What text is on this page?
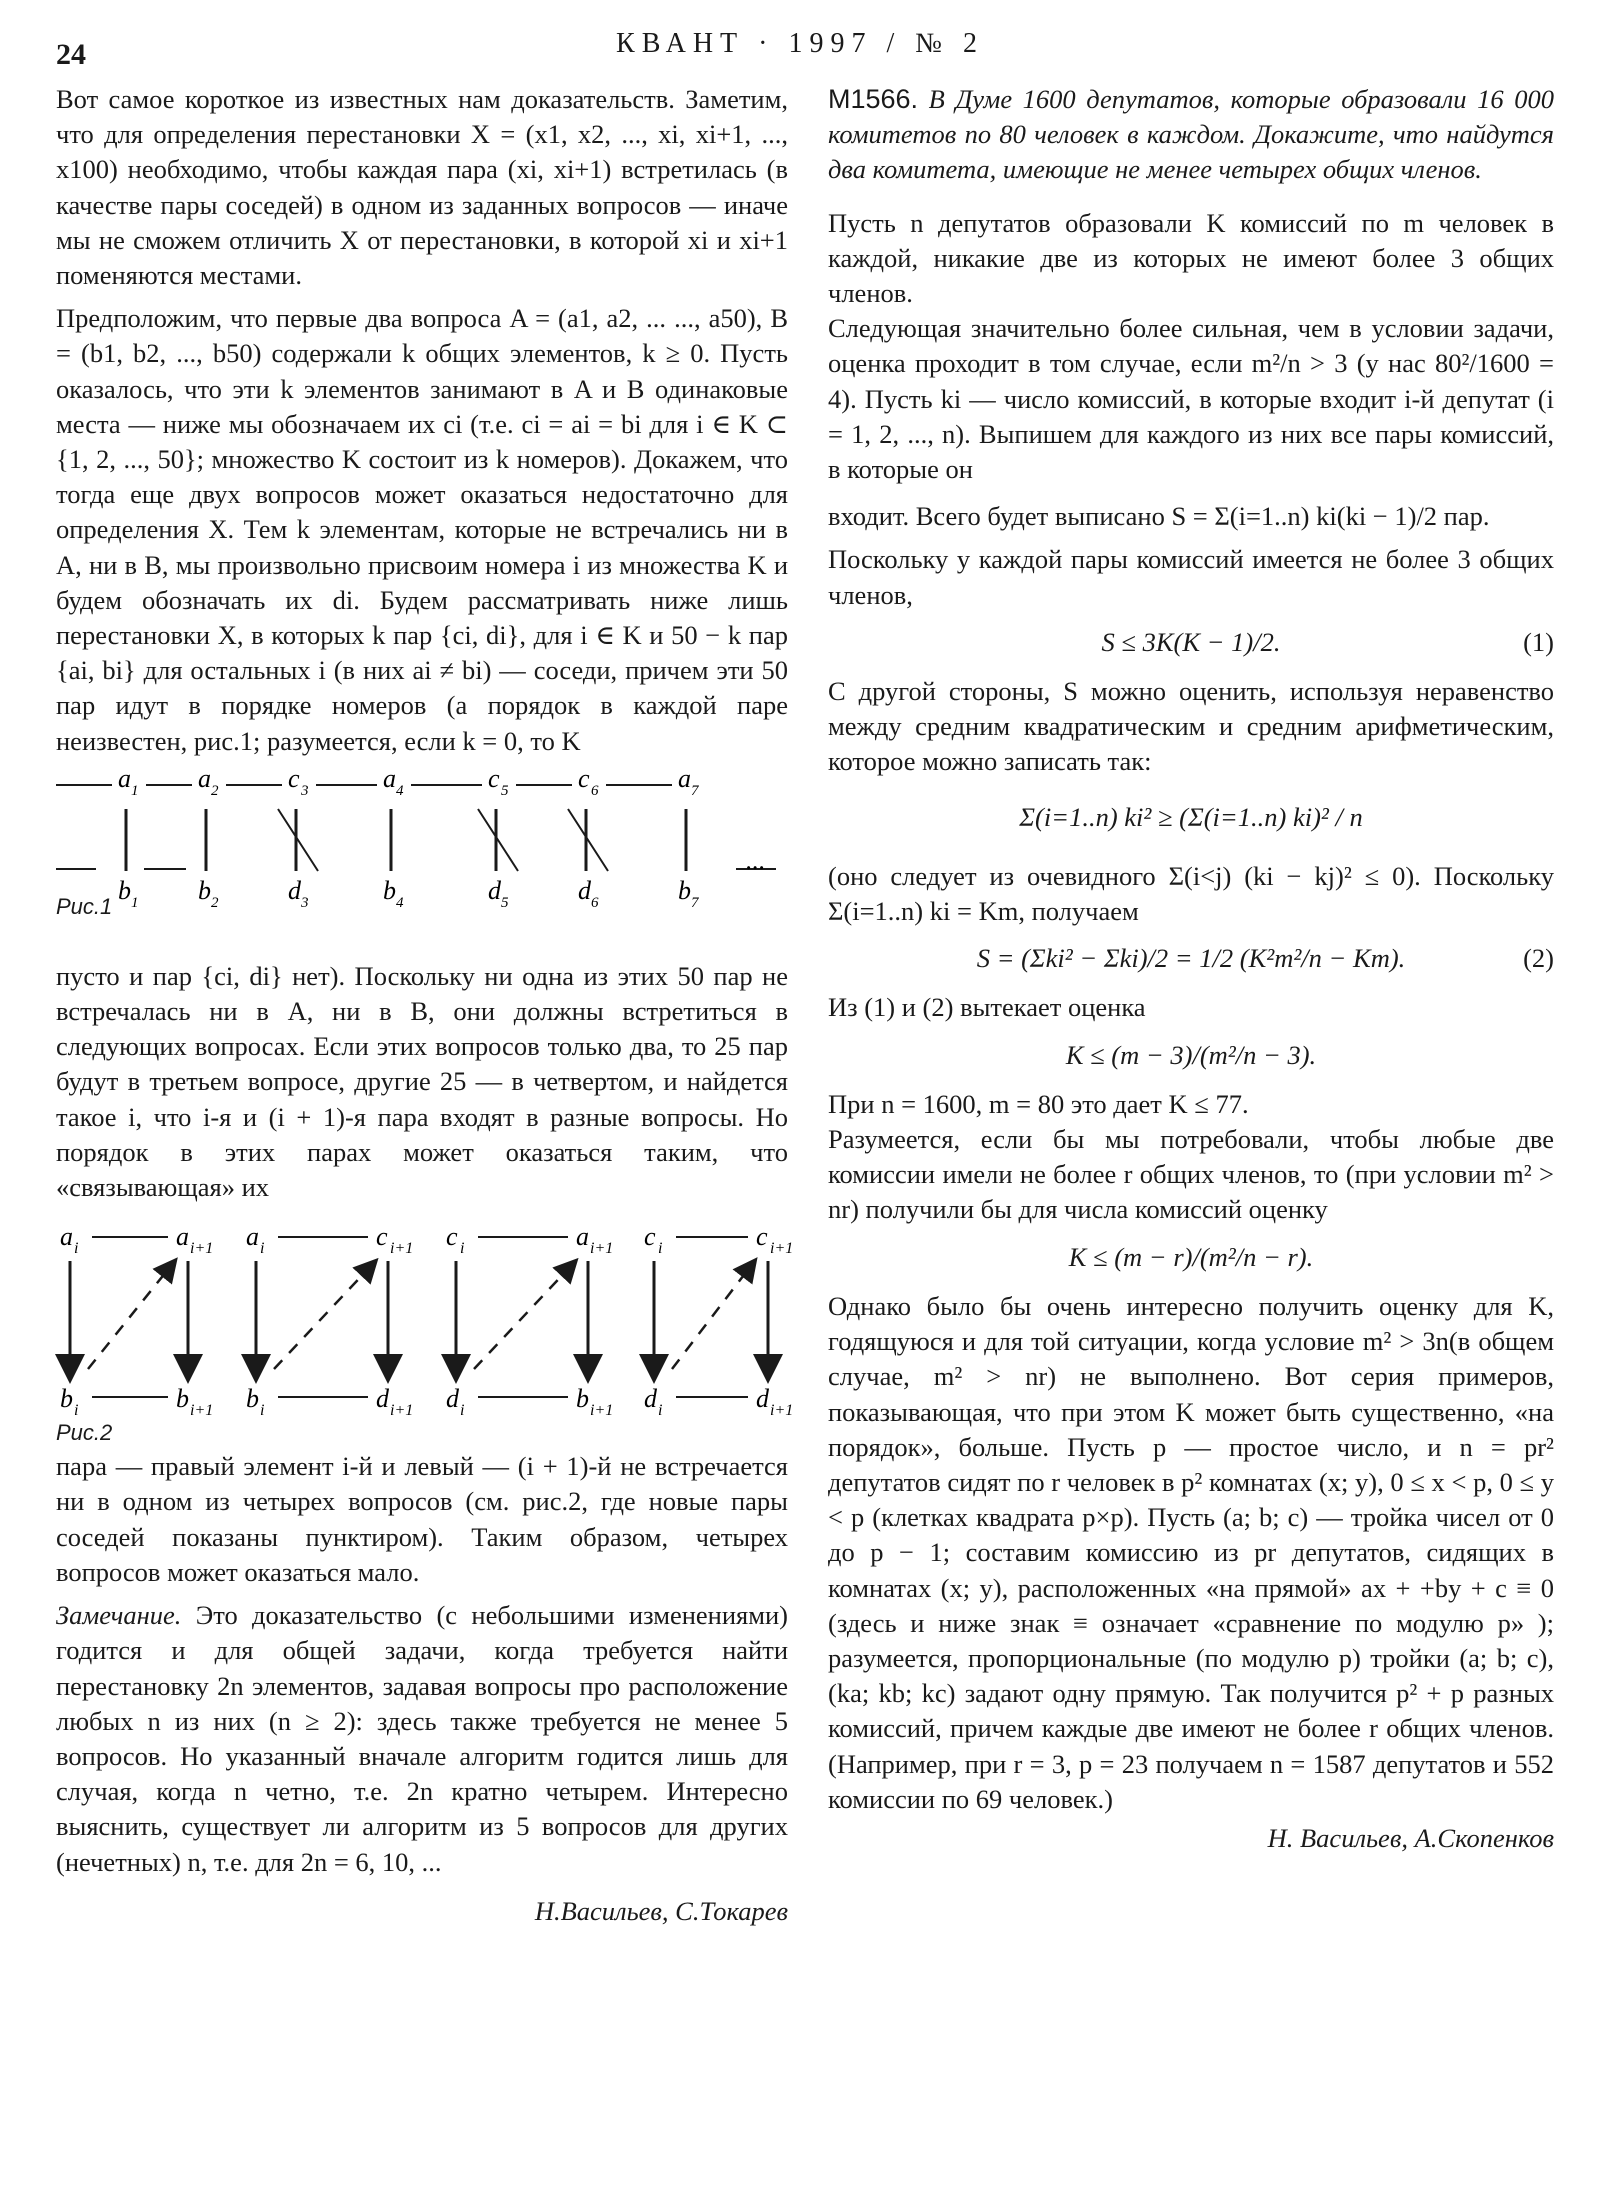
24	КВАНТ · 1997 / № 2

Вот самое короткое из известных нам доказательств. Заметим, что для определения перестановки X = (x1, x2, ..., xi, xi+1, ..., x100) необходимо, чтобы каждая пара (xi, xi+1) встретилась (в качестве пары соседей) в одном из заданных вопросов — иначе мы не сможем отличить X от перестановки, в которой xi и xi+1 поменяются местами.

Предположим, что первые два вопроса A = (a1, a2, ... ..., a50), B = (b1, b2, ..., b50) содержали k общих элементов, k ≥ 0. Пусть оказалось, что эти k элементов занимают в A и B одинаковые места — ниже мы обозначаем их ci (т.е. ci = ai = bi для i ∈ K ⊂ {1, 2, ..., 50}; множество K состоит из k номеров). Докажем, что тогда еще двух вопросов может оказаться недостаточно для определения X. Тем k элементам, которые не встречались ни в A, ни в B, мы произвольно присвоим номера i из множества K и будем обозначать их di. Будем рассматривать ниже лишь перестановки X, в которых k пар {ci, di}, для i ∈ K и 50 − k пар {ai, bi} для остальных i (в них ai ≠ bi) — соседи, причем эти 50 пар идут в порядке номеров (а порядок в каждой паре неизвестен, рис.1; разумеется, если k = 0, то K

a 1
b 1
a 2
b 2
c 3
d 3
a 4
b 4
c 5
d 5
c 6
d 6
a 7
b 7
...
Рис.1

пусто и пар {ci, di} нет). Поскольку ни одна из этих 50 пар не встречалась ни в A, ни в B, они должны встретиться в следующих вопросах. Если этих вопросов только два, то 25 пар будут в третьем вопросе, другие 25 — в четвертом, и найдется такое i, что i-я и (i + 1)-я пара входят в разные вопросы. Но порядок в этих парах может оказаться таким, что «связывающая» их

a i	a i+1
b i	b i+1
a i	c i+1
b i	d i+1
c i	a i+1
d i	b i+1
c i	c i+1
d i	d i+1
Рис.2

пара — правый элемент i-й и левый — (i + 1)-й не встречается ни в одном из четырех вопросов (см. рис.2, где новые пары соседей показаны пунктиром). Таким образом, четырех вопросов может оказаться мало.

Замечание. Это доказательство (с небольшими изменениями) годится и для общей задачи, когда требуется найти перестановку 2n элементов, задавая вопросы про расположение любых n из них (n ≥ 2): здесь также требуется не менее 5 вопросов. Но указанный вначале алгоритм годится лишь для случая, когда n четно, т.е. 2n кратно четырем. Интересно выяснить, существует ли алгоритм из 5 вопросов для других (нечетных) n, т.е. для 2n = 6, 10, ...

Н.Васильев, С.Токарев

М1566. В Думе 1600 депутатов, которые образовали 16 000 комитетов по 80 человек в каждом. Докажите, что найдутся два комитета, имеющие не менее четырех общих членов.

Пусть n депутатов образовали K комиссий по m человек в каждой, никакие две из которых не имеют более 3 общих членов.

Следующая значительно более сильная, чем в условии задачи, оценка проходит в том случае, если m²/n > 3 (у нас 80²/1600 = 4). Пусть ki — число комиссий, в которые входит i-й депутат (i = 1, 2, ..., n). Выпишем для каждого из них все пары комиссий, в которые он

входит. Всего будет выписано S = Σ(i=1..n) ki(ki − 1)/2 пар.

Поскольку у каждой пары комиссий имеется не более 3 общих членов,

S ≤ 3K(K − 1)/2.	(1)

С другой стороны, S можно оценить, используя неравенство между средним квадратическим и средним арифметическим, которое можно записать так:

Σ(i=1..n) ki² ≥ (Σ(i=1..n) ki)² / n

(оно следует из очевидного Σ(i<j) (ki − kj)² ≤ 0). Поскольку Σ(i=1..n) ki = Km, получаем

S = (Σki² − Σki)/2 = 1/2 (K²m²/n − Km).	(2)

Из (1) и (2) вытекает оценка

K ≤ (m − 3)/(m²/n − 3).

При n = 1600, m = 80 это дает K ≤ 77.

Разумеется, если бы мы потребовали, чтобы любые две комиссии имели не более r общих членов, то (при условии m² > nr) получили бы для числа комиссий оценку

K ≤ (m − r)/(m²/n − r).

Однако было бы очень интересно получить оценку для K, годящуюся и для той ситуации, когда условие m² > 3n(в общем случае, m² > nr) не выполнено. Вот серия примеров, показывающая, что при этом K может быть существенно, «на порядок», больше. Пусть p — простое число, и n = pr² депутатов сидят по r человек в p² комнатах (x; y), 0 ≤ x < p, 0 ≤ y < p (клетках квадрата p×p). Пусть (a; b; c) — тройка чисел от 0 до p − 1; составим комиссию из pr депутатов, сидящих в комнатах (x; y), расположенных «на прямой» ax + +by + c ≡ 0 (здесь и ниже знак ≡ означает «сравнение по модулю p» ); разумеется, пропорциональные (по модулю p) тройки (a; b; c), (ka; kb; kc) задают одну прямую. Так получится p² + p разных комиссий, причем каждые две имеют не более r общих членов. (Например, при r = 3, p = 23 получаем n = 1587 депутатов и 552 комиссии по 69 человек.)

Н. Васильев, А.Скопенков
